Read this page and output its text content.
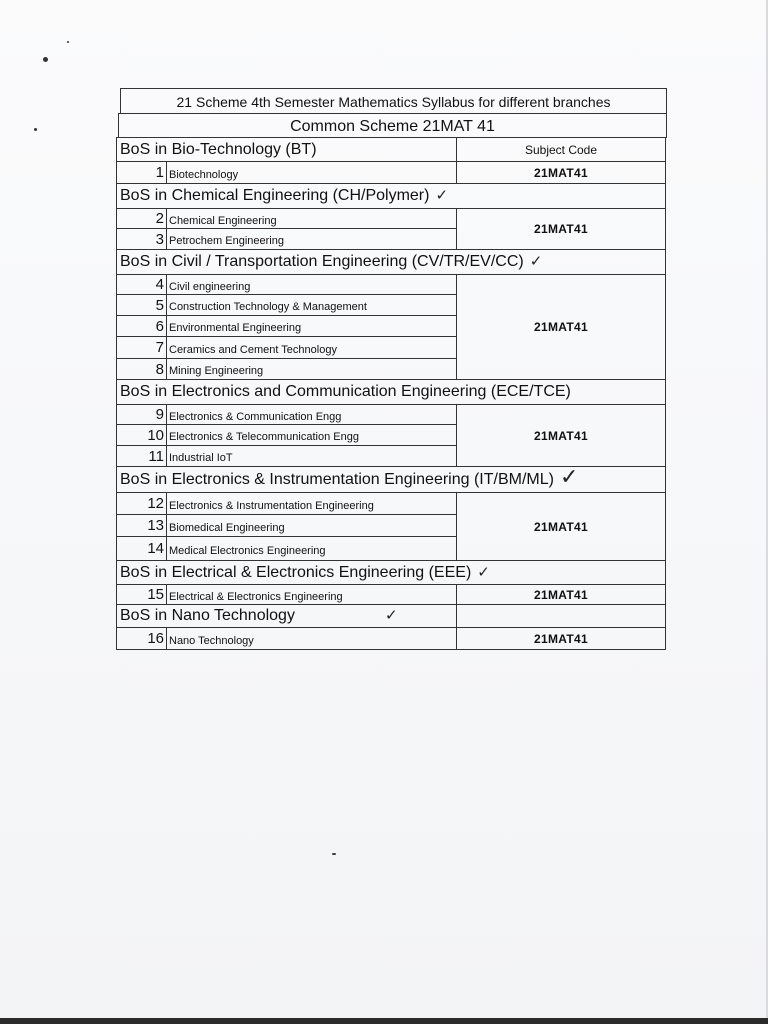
21 Scheme 4th Semester Mathematics Syllabus for different branches
Common Scheme 21MAT 41
BoS in Bio-Technology (BT)		Subject Code
1	Biotechnology	21MAT41
BoS in Chemical Engineering (CH/Polymer) ✓		
2	Chemical Engineering	21MAT41
3	Petrochem Engineering	
BoS in Civil / Transportation Engineering (CV/TR/EV/CC) ✓		
4	Civil engineering	21MAT41
5	Construction Technology & Management	
6	Environmental Engineering	
7	Ceramics and Cement Technology	
8	Mining Engineering	
BoS in Electronics and Communication Engineering (ECE/TCE)		
9	Electronics & Communication Engg	21MAT41
10	Electronics & Telecommunication Engg	
11	Industrial IoT	
BoS in Electronics & Instrumentation Engineering (IT/BM/ML) ✓		
12	Electronics & Instrumentation Engineering	21MAT41
13	Biomedical Engineering	
14	Medical Electronics Engineering	
BoS in Electrical & Electronics Engineering (EEE) ✓		
15	Electrical & Electronics Engineering	21MAT41
BoS in Nano Technology ✓		
16	Nano Technology	21MAT41
